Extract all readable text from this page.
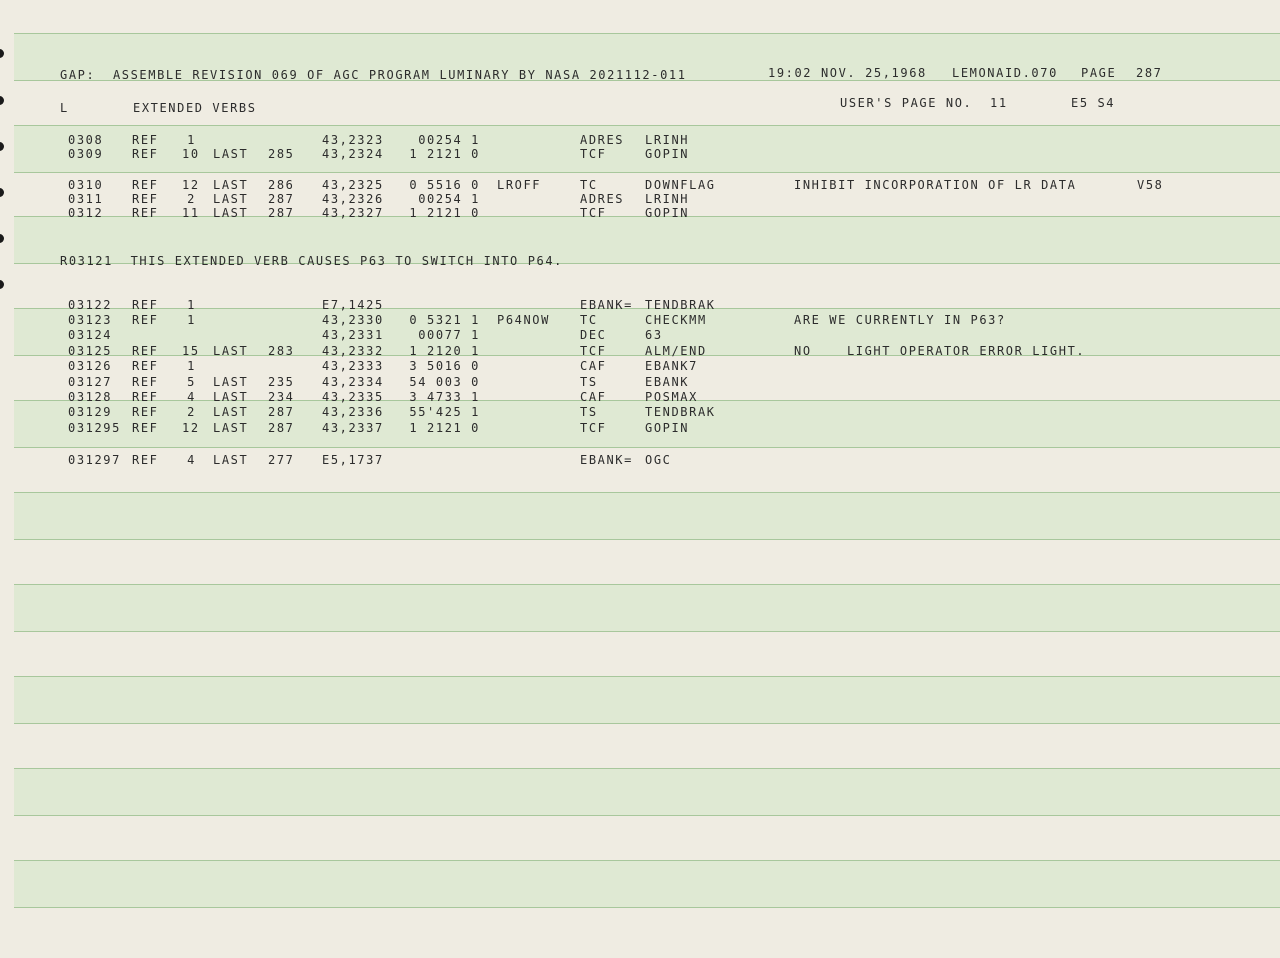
GAP:  ASSEMBLE REVISION 069 OF AGC PROGRAM LUMINARY BY NASA 2021112-011	19:02 NOV. 25,1968 LEMONAID.070 PAGE 287
L	EXTENDED VERBS	USER'S PAGE NO.  11	E5 S4
R03121  THIS EXTENDED VERB CAUSES P63 TO SWITCH INTO P64.
0308 REF	1	43,2323	00254 1	ADRES LRINH
0309 REF 10 LAST 285 43,2324	1 2121 0	TCF	GOPIN
0310 REF 12 LAST 286 43,2325	0 5516 0 LROFF	TC	DOWNFLAG	INHIBIT INCORPORATION OF LR DATA	V58
0311 REF	2 LAST 287 43,2326	00254 1	ADRES LRINH
0312 REF 11 LAST 287 43,2327	1 2121 0	TCF	GOPIN
03122 REF	1	E7,1425	EBANK= TENDBRAK
03123 REF	1	43,2330	0 5321 1 P64NOW	TC	CHECKMM	ARE WE CURRENTLY IN P63?
03124	43,2331	00077 1	DEC	63
03125 REF 15 LAST 283 43,2332	1 2120 1	TCF	ALM/END	NO    LIGHT OPERATOR ERROR LIGHT.
03126 REF	1	43,2333	3 5016 0	CAF	EBANK7
03127 REF	5 LAST 235 43,2334	54 003 0	TS	EBANK
03128 REF	4 LAST 234 43,2335	3 4733 1	CAF	POSMAX
03129 REF	2 LAST 287 43,2336	55'425 1	TS	TENDBRAK
031295 REF 12 LAST 287 43,2337	1 2121 0	TCF	GOPIN
031297 REF	4 LAST 277 E5,1737	EBANK= OGC
